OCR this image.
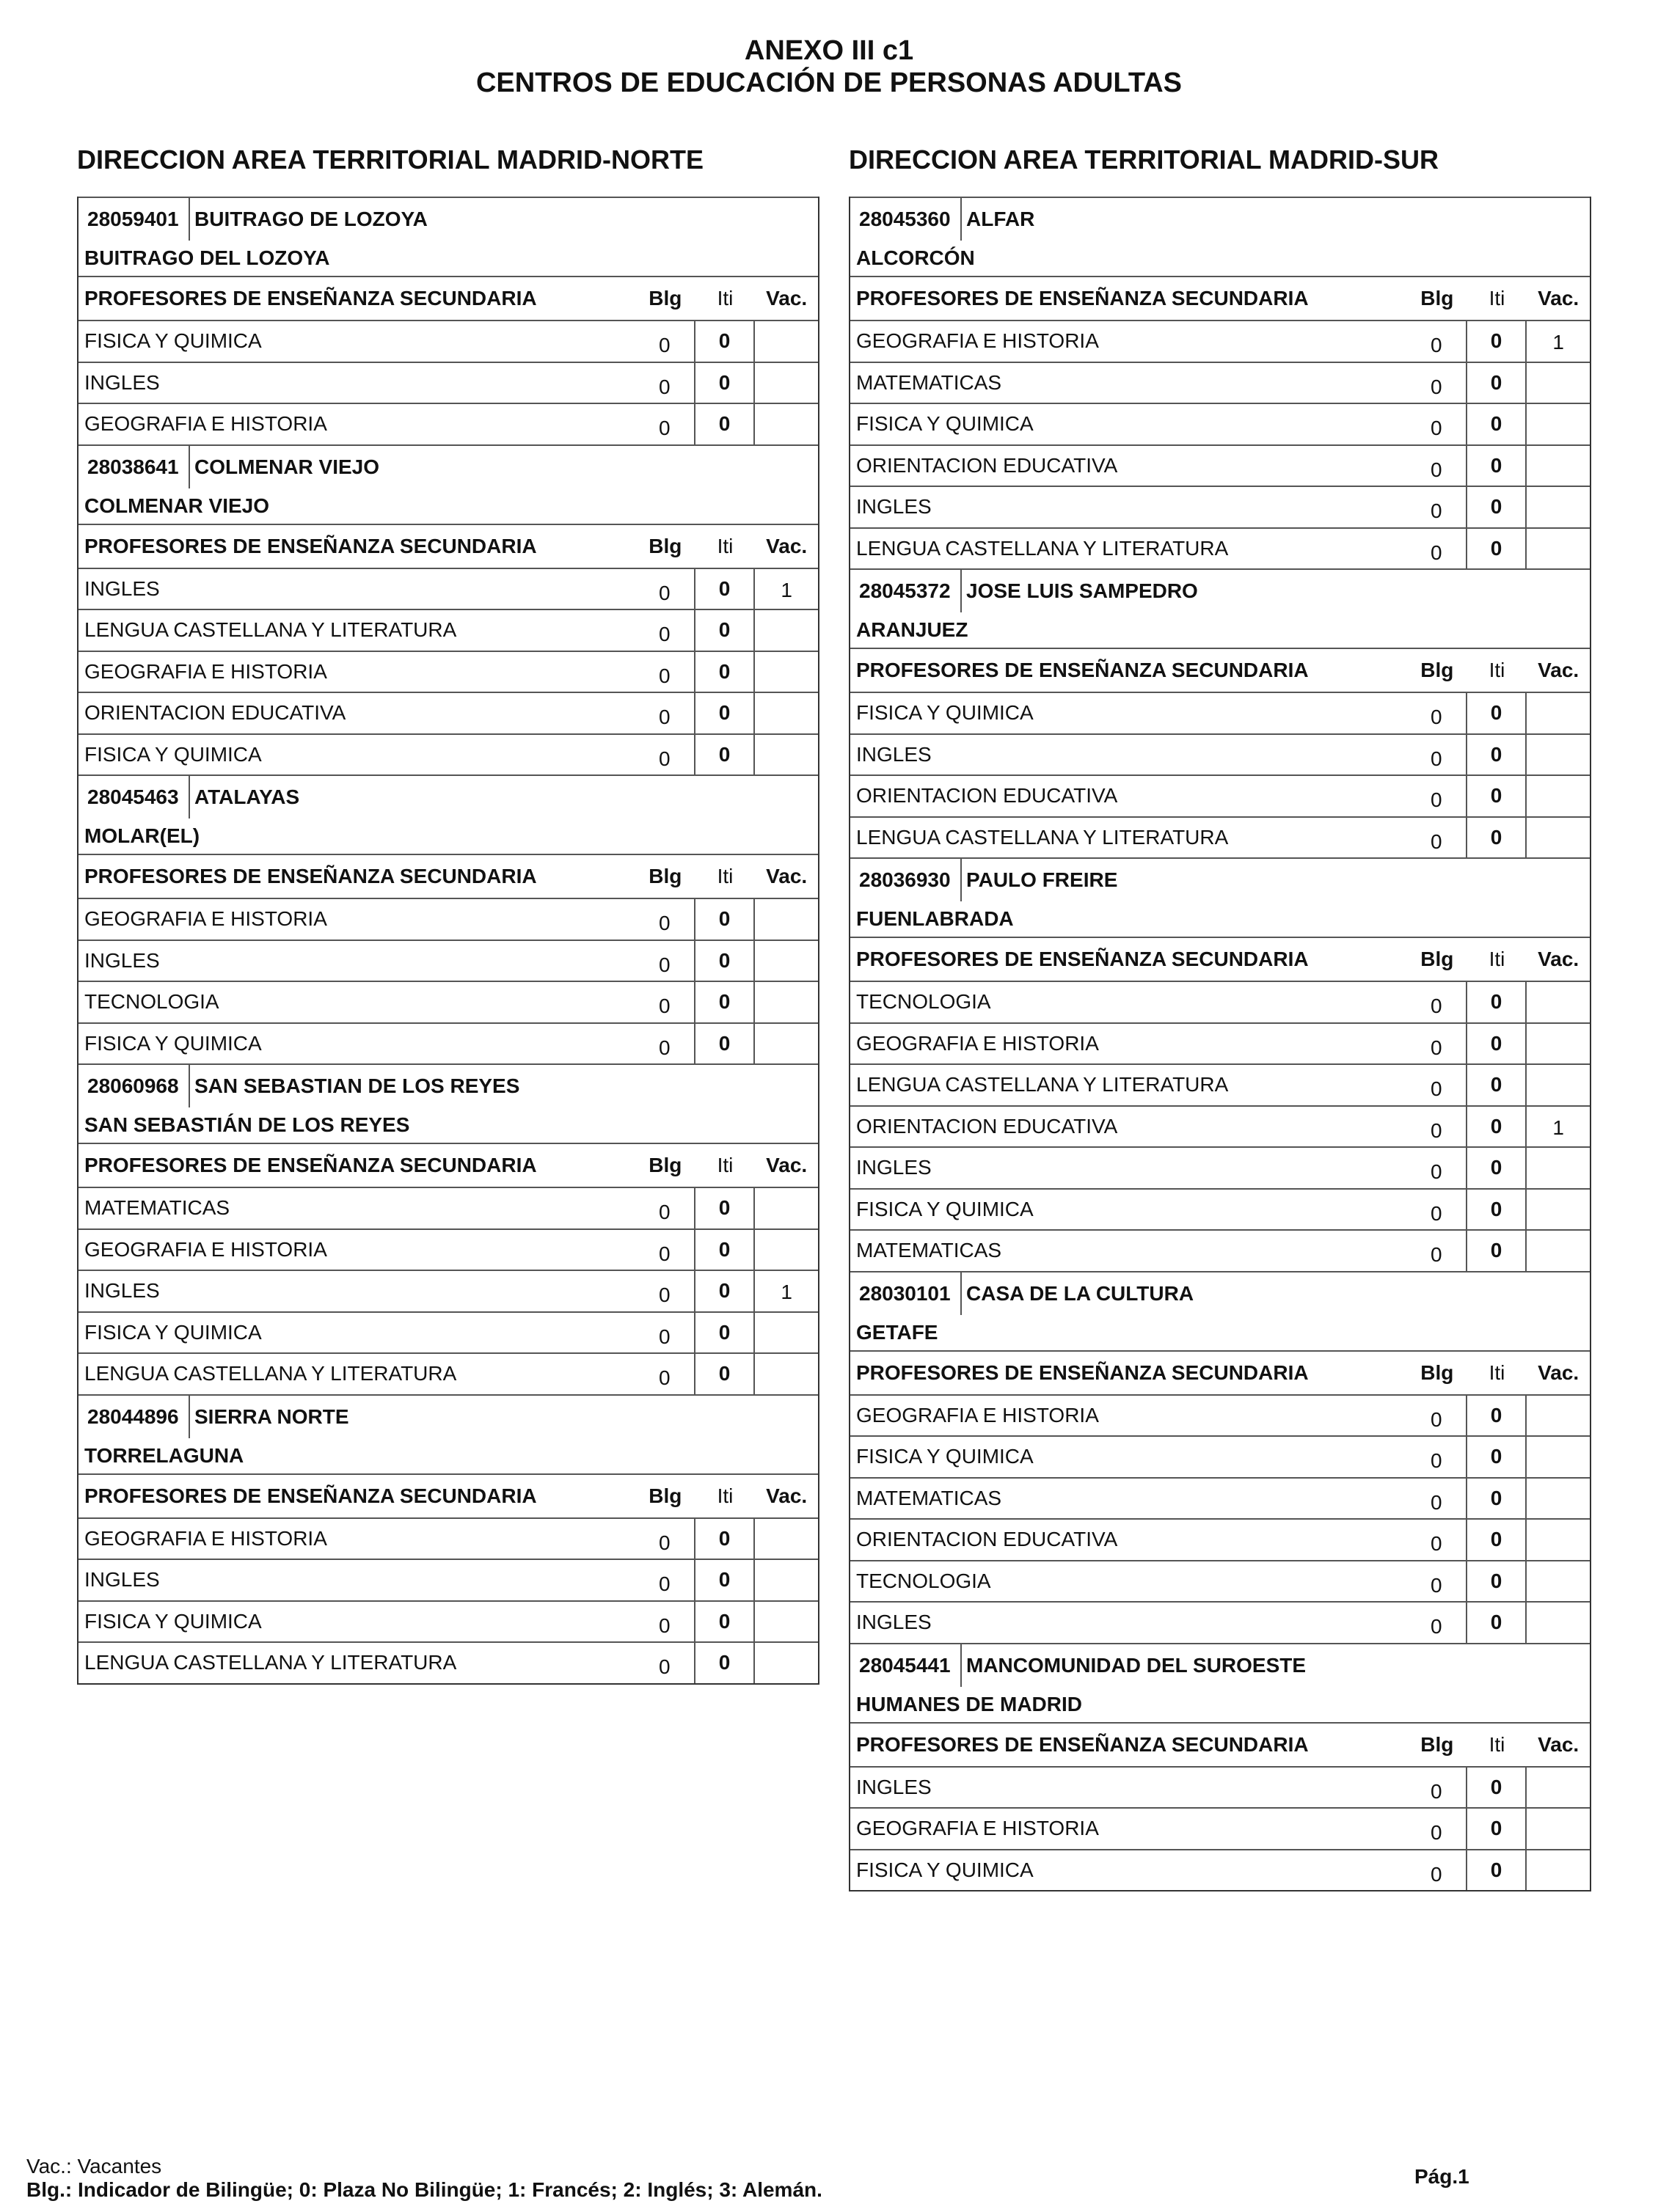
ANEXO III c1
CENTROS DE EDUCACIÓN DE PERSONAS ADULTAS
DIRECCION AREA TERRITORIAL MADRID-NORTE
28059401 BUITRAGO DE LOZOYA
BUITRAGO DEL LOZOYA
PROFESORES DE ENSEÑANZA SECUNDARIA	Blg	Iti	Vac.
FISICA Y QUIMICA	0	0
INGLES	0	0
GEOGRAFIA E HISTORIA	0	0
28038641 COLMENAR VIEJO
COLMENAR VIEJO
PROFESORES DE ENSEÑANZA SECUNDARIA	Blg	Iti	Vac.
INGLES	0	0	1
LENGUA CASTELLANA Y LITERATURA	0	0
GEOGRAFIA E HISTORIA	0	0
ORIENTACION EDUCATIVA	0	0
FISICA Y QUIMICA	0	0
28045463 ATALAYAS
MOLAR(EL)
PROFESORES DE ENSEÑANZA SECUNDARIA	Blg	Iti	Vac.
GEOGRAFIA E HISTORIA	0	0
INGLES	0	0
TECNOLOGIA	0	0
FISICA Y QUIMICA	0	0
28060968 SAN SEBASTIAN DE LOS REYES
SAN SEBASTIÁN DE LOS REYES
PROFESORES DE ENSEÑANZA SECUNDARIA	Blg	Iti	Vac.
MATEMATICAS	0	0
GEOGRAFIA E HISTORIA	0	0
INGLES	0	0	1
FISICA Y QUIMICA	0	0
LENGUA CASTELLANA Y LITERATURA	0	0
28044896 SIERRA NORTE
TORRELAGUNA
PROFESORES DE ENSEÑANZA SECUNDARIA	Blg	Iti	Vac.
GEOGRAFIA E HISTORIA	0	0
INGLES	0	0
FISICA Y QUIMICA	0	0
LENGUA CASTELLANA Y LITERATURA	0	0
DIRECCION AREA TERRITORIAL MADRID-SUR
28045360 ALFAR
ALCORCÓN
PROFESORES DE ENSEÑANZA SECUNDARIA	Blg	Iti	Vac.
GEOGRAFIA E HISTORIA	0	0	1
MATEMATICAS	0	0
FISICA Y QUIMICA	0	0
ORIENTACION EDUCATIVA	0	0
INGLES	0	0
LENGUA CASTELLANA Y LITERATURA	0	0
28045372 JOSE LUIS SAMPEDRO
ARANJUEZ
PROFESORES DE ENSEÑANZA SECUNDARIA	Blg	Iti	Vac.
FISICA Y QUIMICA	0	0
INGLES	0	0
ORIENTACION EDUCATIVA	0	0
LENGUA CASTELLANA Y LITERATURA	0	0
28036930 PAULO FREIRE
FUENLABRADA
PROFESORES DE ENSEÑANZA SECUNDARIA	Blg	Iti	Vac.
TECNOLOGIA	0	0
GEOGRAFIA E HISTORIA	0	0
LENGUA CASTELLANA Y LITERATURA	0	0
ORIENTACION EDUCATIVA	0	0	1
INGLES	0	0
FISICA Y QUIMICA	0	0
MATEMATICAS	0	0
28030101 CASA DE LA CULTURA
GETAFE
PROFESORES DE ENSEÑANZA SECUNDARIA	Blg	Iti	Vac.
GEOGRAFIA E HISTORIA	0	0
FISICA Y QUIMICA	0	0
MATEMATICAS	0	0
ORIENTACION EDUCATIVA	0	0
TECNOLOGIA	0	0
INGLES	0	0
28045441 MANCOMUNIDAD DEL SUROESTE
HUMANES DE MADRID
PROFESORES DE ENSEÑANZA SECUNDARIA	Blg	Iti	Vac.
INGLES	0	0
GEOGRAFIA E HISTORIA	0	0
FISICA Y QUIMICA	0	0
Vac.: Vacantes
Blg.: Indicador de Bilingüe; 0: Plaza No Bilingüe; 1: Francés; 2: Inglés; 3: Alemán.
Pág.1
